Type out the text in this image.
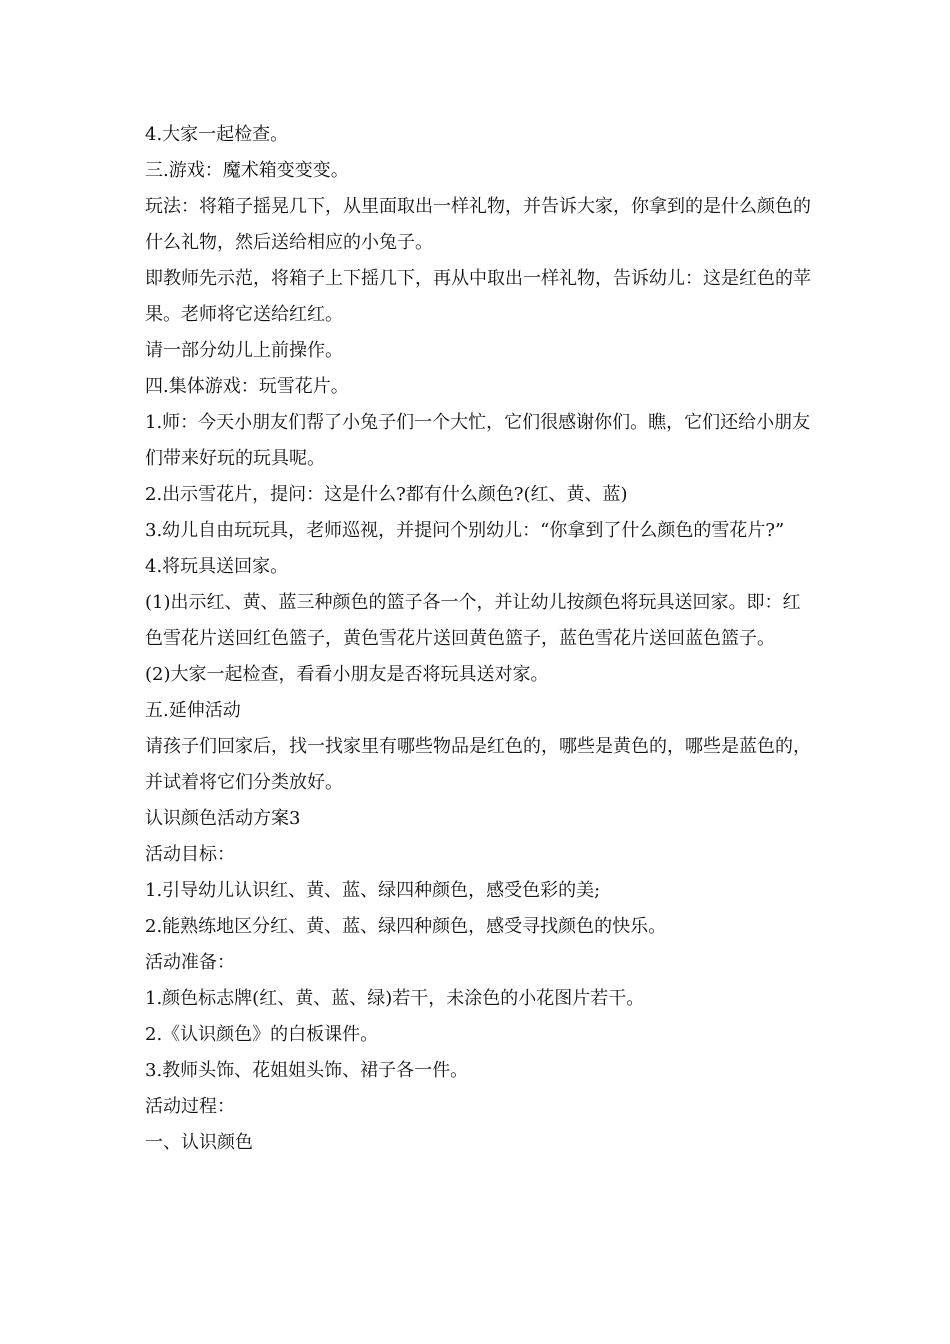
4.大家一起检查。

三.游戏：魔术箱变变变。

玩法：将箱子摇晃几下，从里面取出一样礼物，并告诉大家，你拿到的是什么颜色的什么礼物，然后送给相应的小兔子。

即教师先示范，将箱子上下摇几下，再从中取出一样礼物，告诉幼儿：这是红色的苹果。老师将它送给红红。

请一部分幼儿上前操作。

四.集体游戏：玩雪花片。

1.师：今天小朋友们帮了小兔子们一个大忙，它们很感谢你们。瞧，它们还给小朋友们带来好玩的玩具呢。

2.出示雪花片，提问：这是什么?都有什么颜色?(红、黄、蓝)

3.幼儿自由玩玩具，老师巡视，并提问个别幼儿：“你拿到了什么颜色的雪花片?”

4.将玩具送回家。

(1)出示红、黄、蓝三种颜色的篮子各一个，并让幼儿按颜色将玩具送回家。即：红色雪花片送回红色篮子，黄色雪花片送回黄色篮子，蓝色雪花片送回蓝色篮子。

(2)大家一起检查，看看小朋友是否将玩具送对家。

五.延伸活动

请孩子们回家后，找一找家里有哪些物品是红色的，哪些是黄色的，哪些是蓝色的，并试着将它们分类放好。

认识颜色活动方案3

活动目标：

1.引导幼儿认识红、黄、蓝、绿四种颜色，感受色彩的美;

2.能熟练地区分红、黄、蓝、绿四种颜色，感受寻找颜色的快乐。

活动准备：

1.颜色标志牌(红、黄、蓝、绿)若干，未涂色的小花图片若干。

2.《认识颜色》的白板课件。

3.教师头饰、花姐姐头饰、裙子各一件。

活动过程：

一、认识颜色
